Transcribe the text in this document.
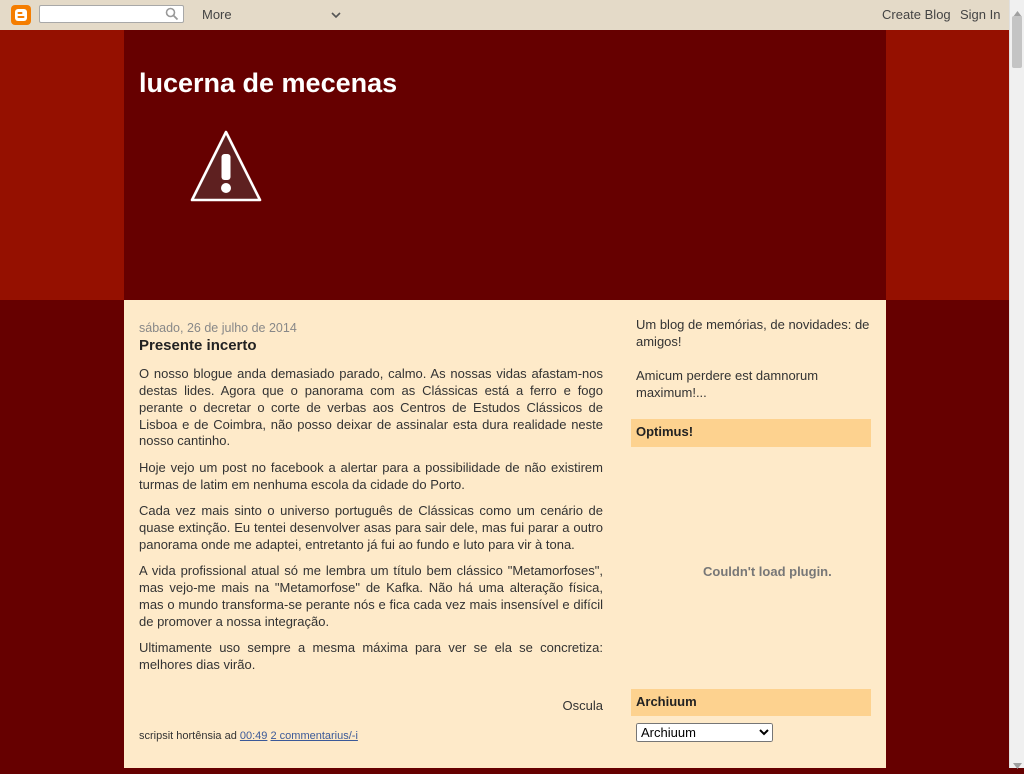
More	Create Blog Sign In
lucerna de mecenas

sábado, 26 de julho de 2014

Presente incerto

O nosso blogue anda demasiado parado, calmo. As nossas vidas afastam-nos destas lides. Agora que o panorama com as Clássicas está a ferro e fogo perante o decretar o corte de verbas aos Centros de Estudos Clássicos de Lisboa e de Coimbra, não posso deixar de assinalar esta dura realidade neste nosso cantinho.

Hoje vejo um post no facebook a alertar para a possibilidade de não existirem turmas de latim em nenhuma escola da cidade do Porto.

Cada vez mais sinto o universo português de Clássicas como um cenário de quase extinção. Eu tentei desenvolver asas para sair dele, mas fui parar a outro panorama onde me adaptei, entretanto já fui ao fundo e luto para vir à tona.

A vida profissional atual só me lembra um título bem clássico "Metamorfoses", mas vejo-me mais na "Metamorfose" de Kafka. Não há uma alteração física, mas o mundo transforma-se perante nós e fica cada vez mais insensível e difícil de promover a nossa integração.

Ultimamente uso sempre a mesma máxima para ver se ela se concretiza: melhores dias virão.

Oscula
scripsit hortênsia ad 00:49 2 commentarius/-i

Um blog de memórias, de novidades: de amigos!

Amicum perdere est damnorum maximum!...

Optimus!
Couldn't load plugin.
Archiuum
Archiuum
